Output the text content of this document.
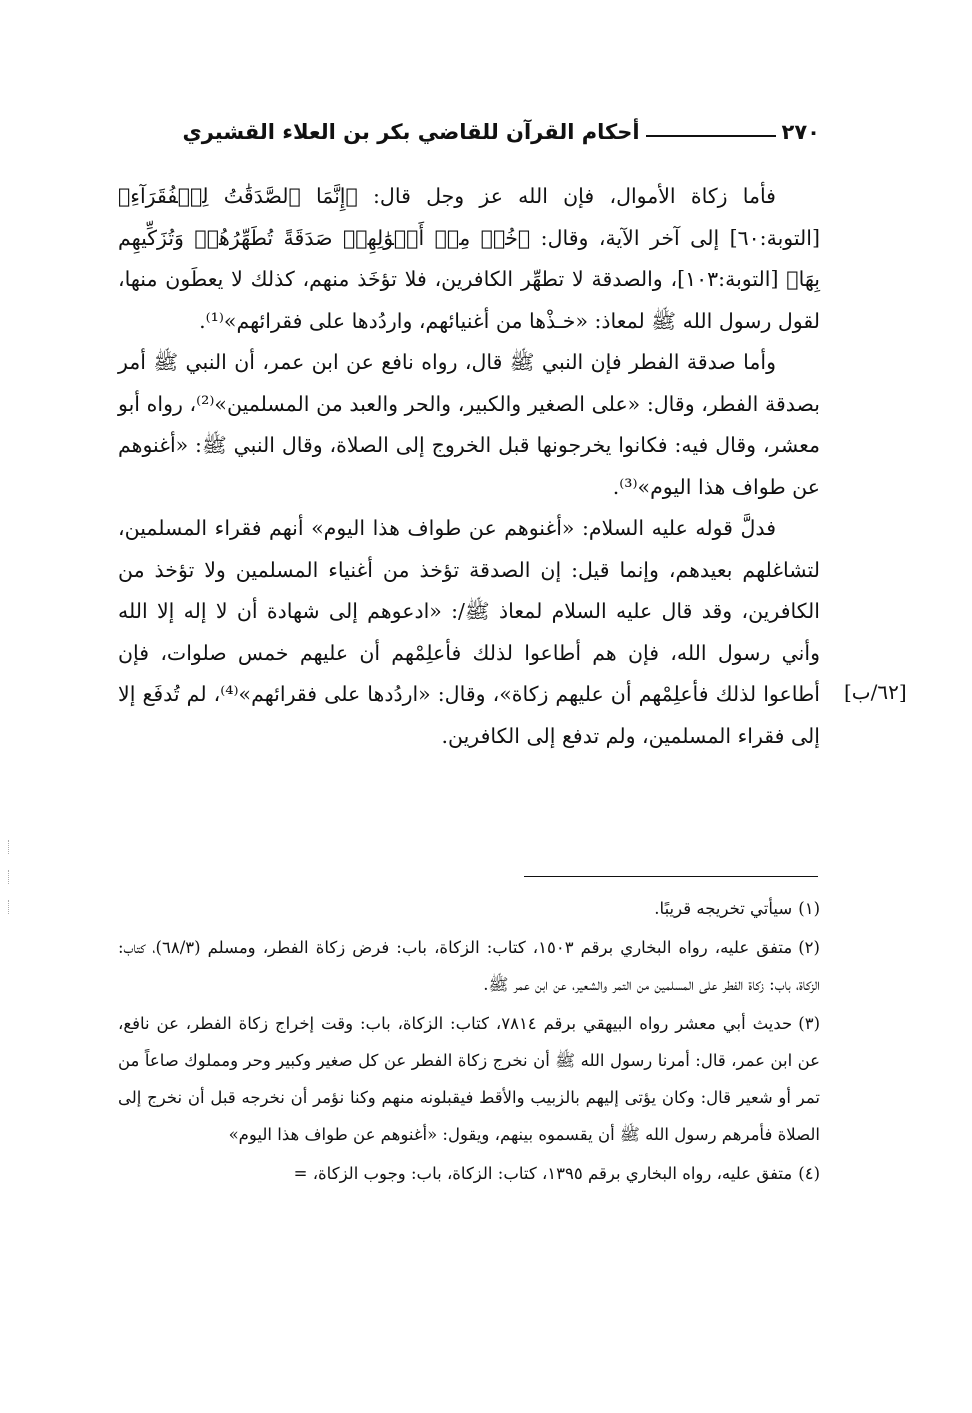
٢٧٠
أحكام القرآن للقاضي بكر بن العلاء القشيري

فأما زكاة الأموال، فإن الله عز وجل قال: ﴿إِنَّمَا ٱلصَّدَقَٰتُ لِلۡفُقَرَآءِ﴾ [التوبة:٦٠] إلى آخر الآية، وقال: ﴿خُذۡ مِنۡ أَمۡوَٰلِهِمۡ صَدَقَةً تُطَهِّرُهُمۡ وَتُزَكِّيهِم بِهَا﴾ [التوبة:١٠٣]، والصدقة لا تطهِّر الكافرين، فلا تؤخَذ منهم، كذلك لا يعطَون منها، لقول رسول الله ﷺ لمعاذ: «خـذْها من أغنيائهم، واردُدها على فقرائهم»⁽¹⁾.

وأما صدقة الفطر فإن النبي ﷺ قال، رواه نافع عن ابن عمر، أن النبي ﷺ أمر بصدقة الفطر، وقال: «على الصغير والكبير، والحر والعبد من المسلمين»⁽²⁾، رواه أبو معشر، وقال فيه: فكانوا يخرجونها قبل الخروج إلى الصلاة، وقال النبي ﷺ: «أغنوهم عن طواف هذا اليوم»⁽³⁾.

فدلَّ قوله عليه السلام: «أغنوهم عن طواف هذا اليوم» أنهم فقراء المسلمين، لتشاغلهم بعيدهم، وإنما قيل: إن الصدقة تؤخذ من أغنياء المسلمين ولا تؤخذ من الكافرين، وقد قال عليه السلام لمعاذ ﷺ/: «ادعوهم إلى شهادة أن لا إله إلا الله وأني رسول الله، فإن هم أطاعوا لذلك فأعلِمْهم أن عليهم خمس صلوات، فإن أطاعوا لذلك فأعلِمْهم أن عليهم زكاة»، وقال: «اردُدها على فقرائهم»⁽⁴⁾، لم تُدفَع إلا إلى فقراء المسلمين، ولم تدفع إلى الكافرين.

[٦٢/ب]
(١)سيأتي تخريجه قريبًا.
(٢)متفق عليه، رواه البخاري برقم ١٥٠٣، كتاب: الزكاة، باب: فرض زكاة الفطر، ومسلم (٦٨/٣)، كتاب: الزكاة، باب: زكاة الفطر على المسلمين من التمر والشعير، عن ابن عمر ﷺ.
(٣)حديث أبي معشر رواه البيهقي برقم ٧٨١٤، كتاب: الزكاة، باب: وقت إخراج زكاة الفطر، عن نافع، عن ابن عمر، قال: أمرنا رسول الله ﷺ أن نخرج زكاة الفطر عن كل صغير وكبير وحر ومملوك صاعاً من تمر أو شعير قال: وكان يؤتى إليهم بالزبيب والأقط فيقبلونه منهم وكنا نؤمر أن نخرجه قبل أن نخرج إلى الصلاة فأمرهم رسول الله ﷺ أن يقسموه بينهم، ويقول: «أغنوهم عن طواف هذا اليوم»
(٤)متفق عليه، رواه البخاري برقم ١٣٩٥، كتاب: الزكاة، باب: وجوب الزكاة، =
